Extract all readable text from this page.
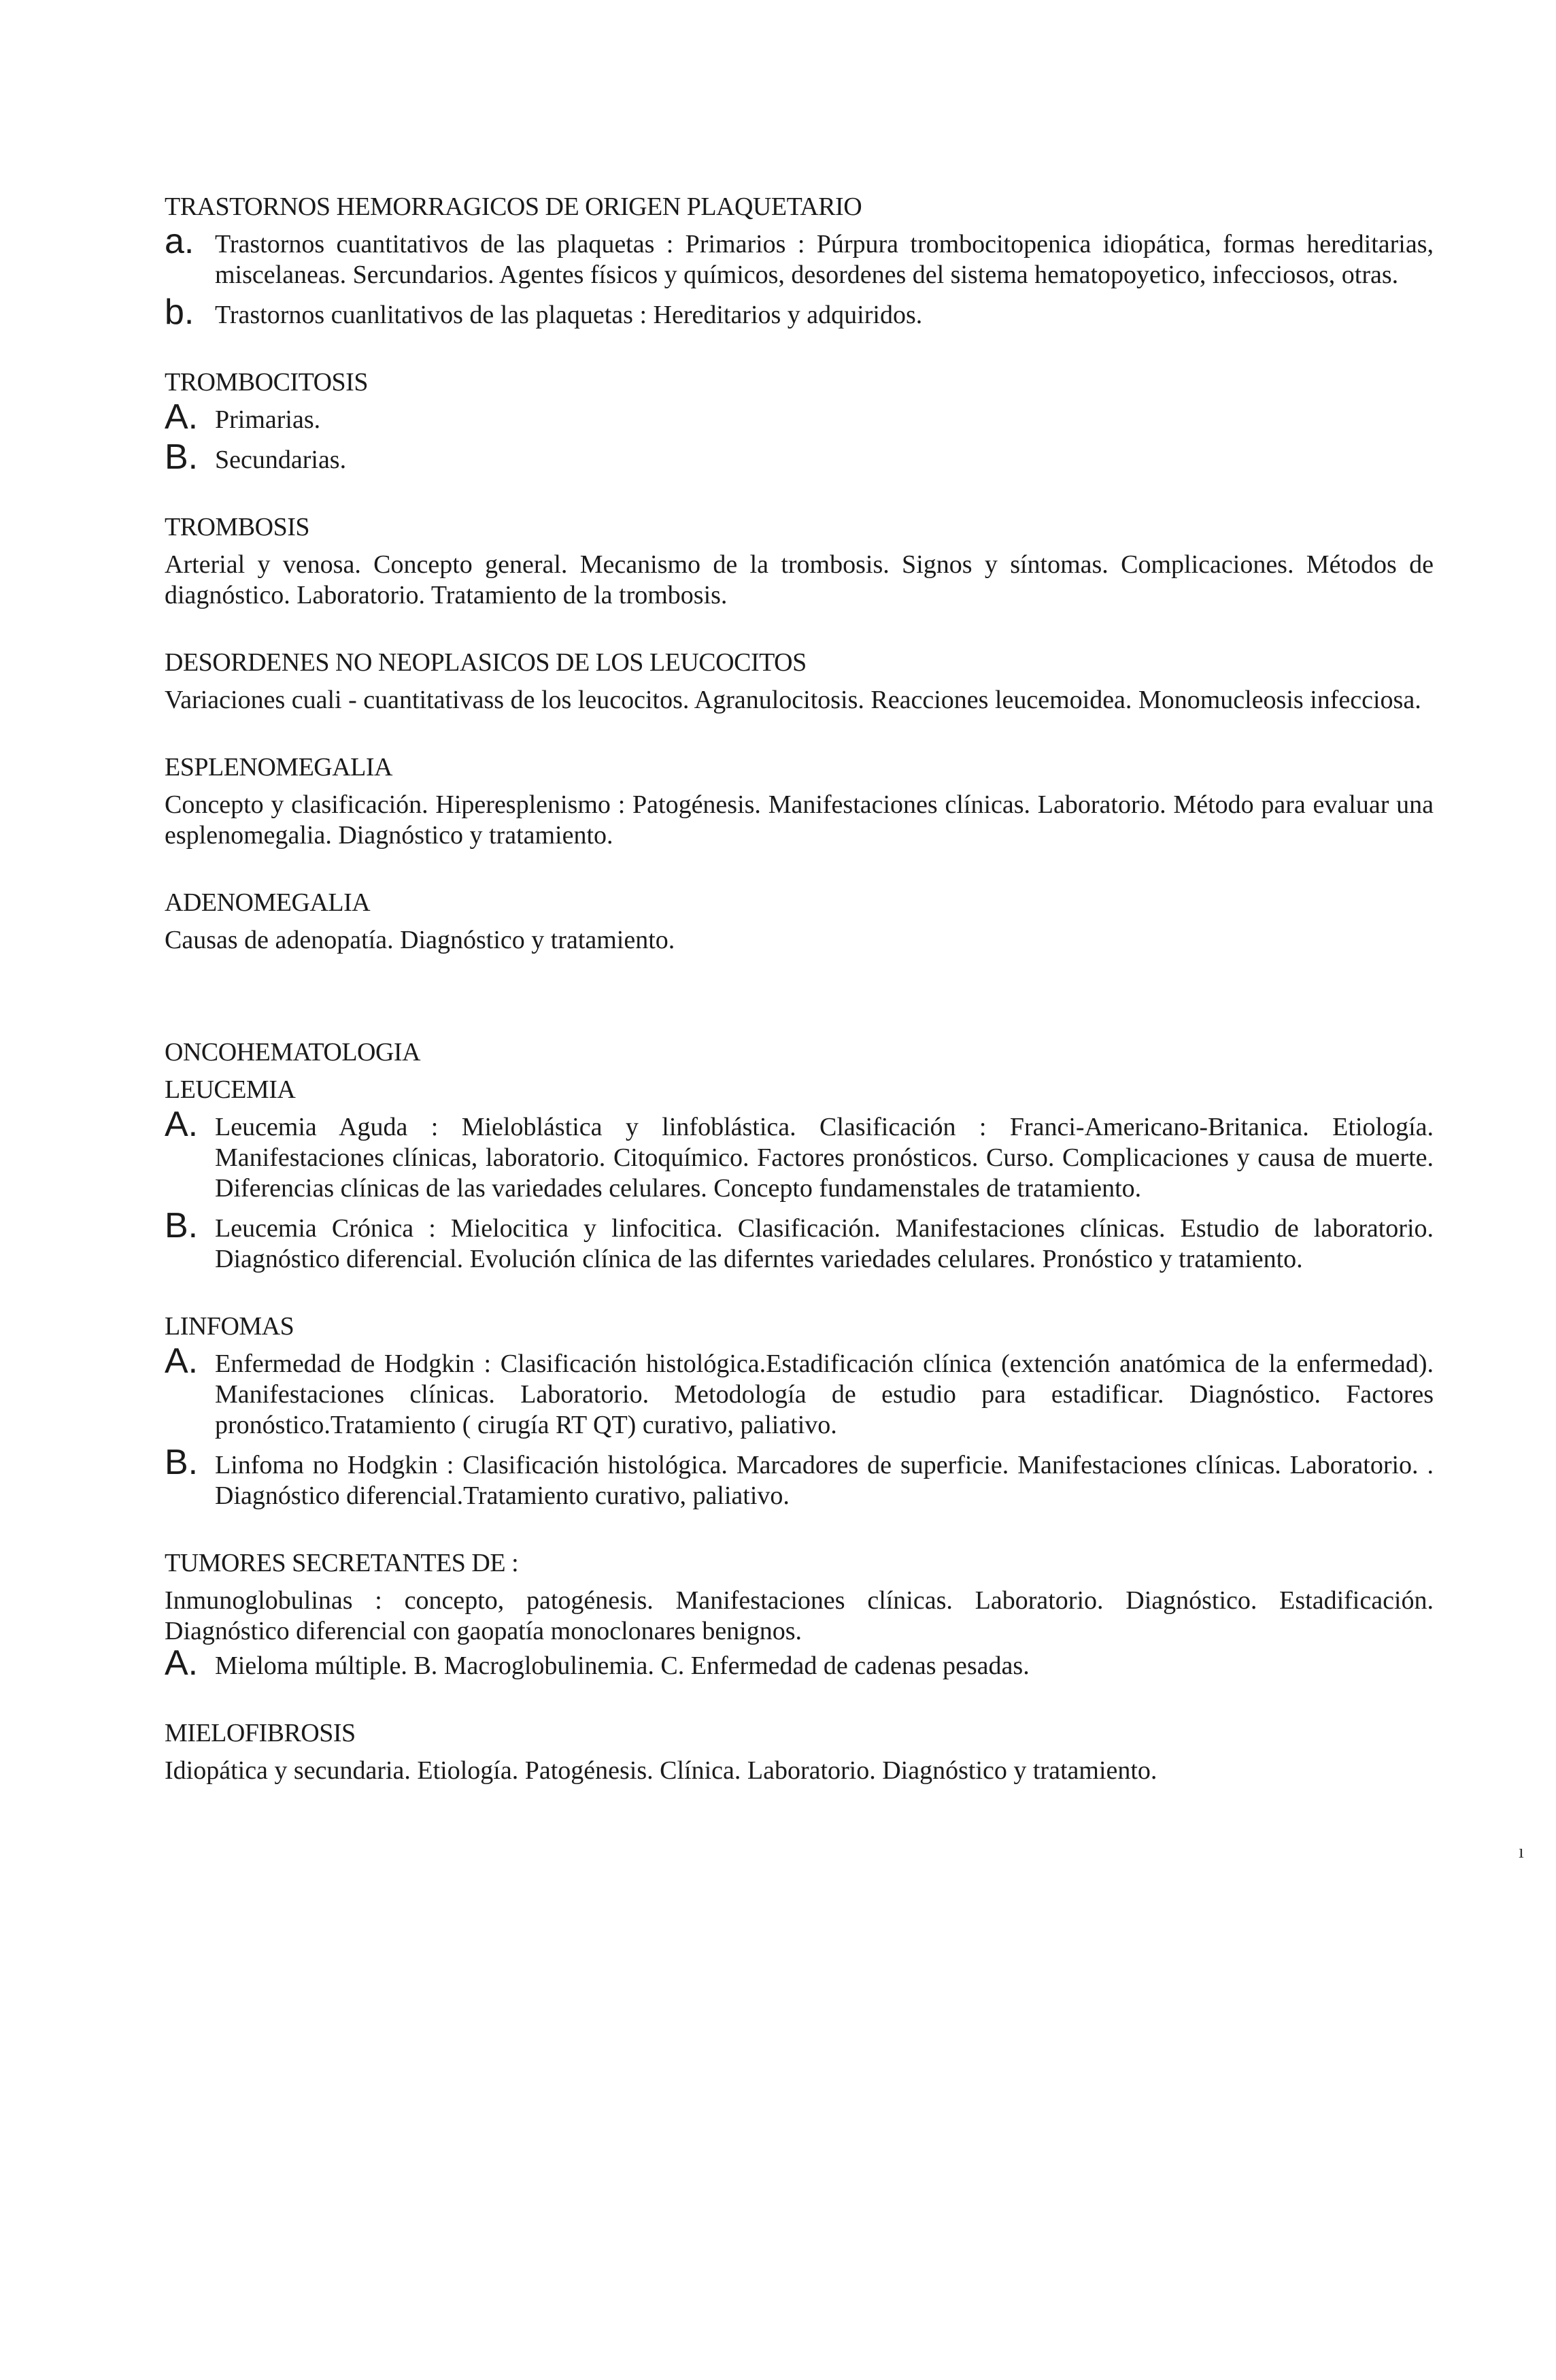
TRASTORNOS HEMORRAGICOS DE ORIGEN PLAQUETARIO
a. Trastornos cuantitativos de las plaquetas : Primarios : Púrpura trombocitopenica idiopática, formas hereditarias, miscelaneas. Sercundarios. Agentes físicos y químicos, desordenes del sistema hematopoyetico, infecciosos, otras.
b. Trastornos cuanlitativos de las plaquetas : Hereditarios y adquiridos.
TROMBOCITOSIS
A. Primarias.
B. Secundarias.
TROMBOSIS

Arterial y venosa. Concepto general. Mecanismo de la trombosis. Signos y síntomas. Complicaciones. Métodos de diagnóstico. Laboratorio. Tratamiento de la trombosis.

DESORDENES NO NEOPLASICOS DE LOS LEUCOCITOS

Variaciones cuali - cuantitativass de los leucocitos. Agranulocitosis. Reacciones leucemoidea. Monomucleosis infecciosa.

ESPLENOMEGALIA

Concepto y clasificación. Hiperesplenismo : Patogénesis. Manifestaciones clínicas. Laboratorio. Método para evaluar una esplenomegalia. Diagnóstico y tratamiento.

ADENOMEGALIA

Causas de adenopatía. Diagnóstico y tratamiento.

ONCOHEMATOLOGIA
LEUCEMIA
A. Leucemia Aguda : Mieloblástica y linfoblástica. Clasificación : Franci-Americano-Britanica. Etiología. Manifestaciones clínicas, laboratorio. Citoquímico. Factores pronósticos. Curso. Complicaciones y causa de muerte. Diferencias clínicas de las variedades celulares. Concepto fundamenstales de tratamiento.
B. Leucemia Crónica : Mielocitica y linfocitica. Clasificación. Manifestaciones clínicas. Estudio de laboratorio. Diagnóstico diferencial. Evolución clínica de las diferntes variedades celulares. Pronóstico y tratamiento.
LINFOMAS
A. Enfermedad de Hodgkin : Clasificación histológica.Estadificación clínica (extención anatómica de la enfermedad). Manifestaciones clínicas. Laboratorio. Metodología de estudio para estadificar. Diagnóstico. Factores pronóstico.Tratamiento ( cirugía RT QT) curativo, paliativo.
B. Linfoma no Hodgkin : Clasificación histológica. Marcadores de superficie. Manifestaciones clínicas. Laboratorio. . Diagnóstico diferencial.Tratamiento curativo, paliativo.
TUMORES SECRETANTES DE :

Inmunoglobulinas : concepto, patogénesis. Manifestaciones clínicas. Laboratorio. Diagnóstico. Estadificación. Diagnóstico diferencial con gaopatía monoclonares benignos.

A. Mieloma múltiple. B. Macroglobulinemia. C. Enfermedad de cadenas pesadas.
MIELOFIBROSIS

Idiopática y secundaria. Etiología. Patogénesis. Clínica. Laboratorio. Diagnóstico y tratamiento.

ı
